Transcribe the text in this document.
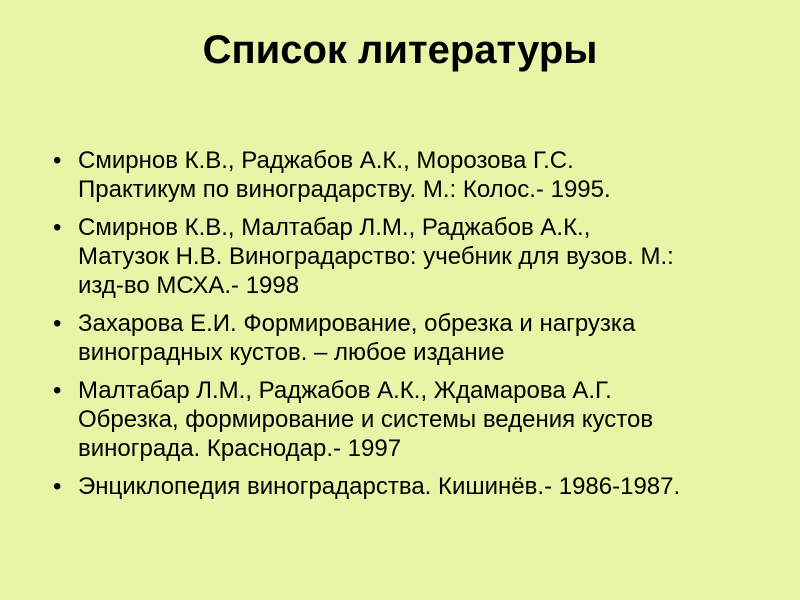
Список литературы
• Смирнов К.В., Раджабов А.К., Морозова Г.С.
Практикум по виноградарству. М.: Колос.- 1995.
• Смирнов К.В., Малтабар Л.М., Раджабов А.К.,
Матузок Н.В. Виноградарство: учебник для вузов. М.:
изд-во МСХА.- 1998
• Захарова Е.И. Формирование, обрезка и нагрузка
виноградных кустов. – любое издание
• Малтабар Л.М., Раджабов А.К., Ждамарова А.Г.
Обрезка, формирование и системы ведения кустов
винограда. Краснодар.- 1997
• Энциклопедия виноградарства. Кишинёв.- 1986-1987.
